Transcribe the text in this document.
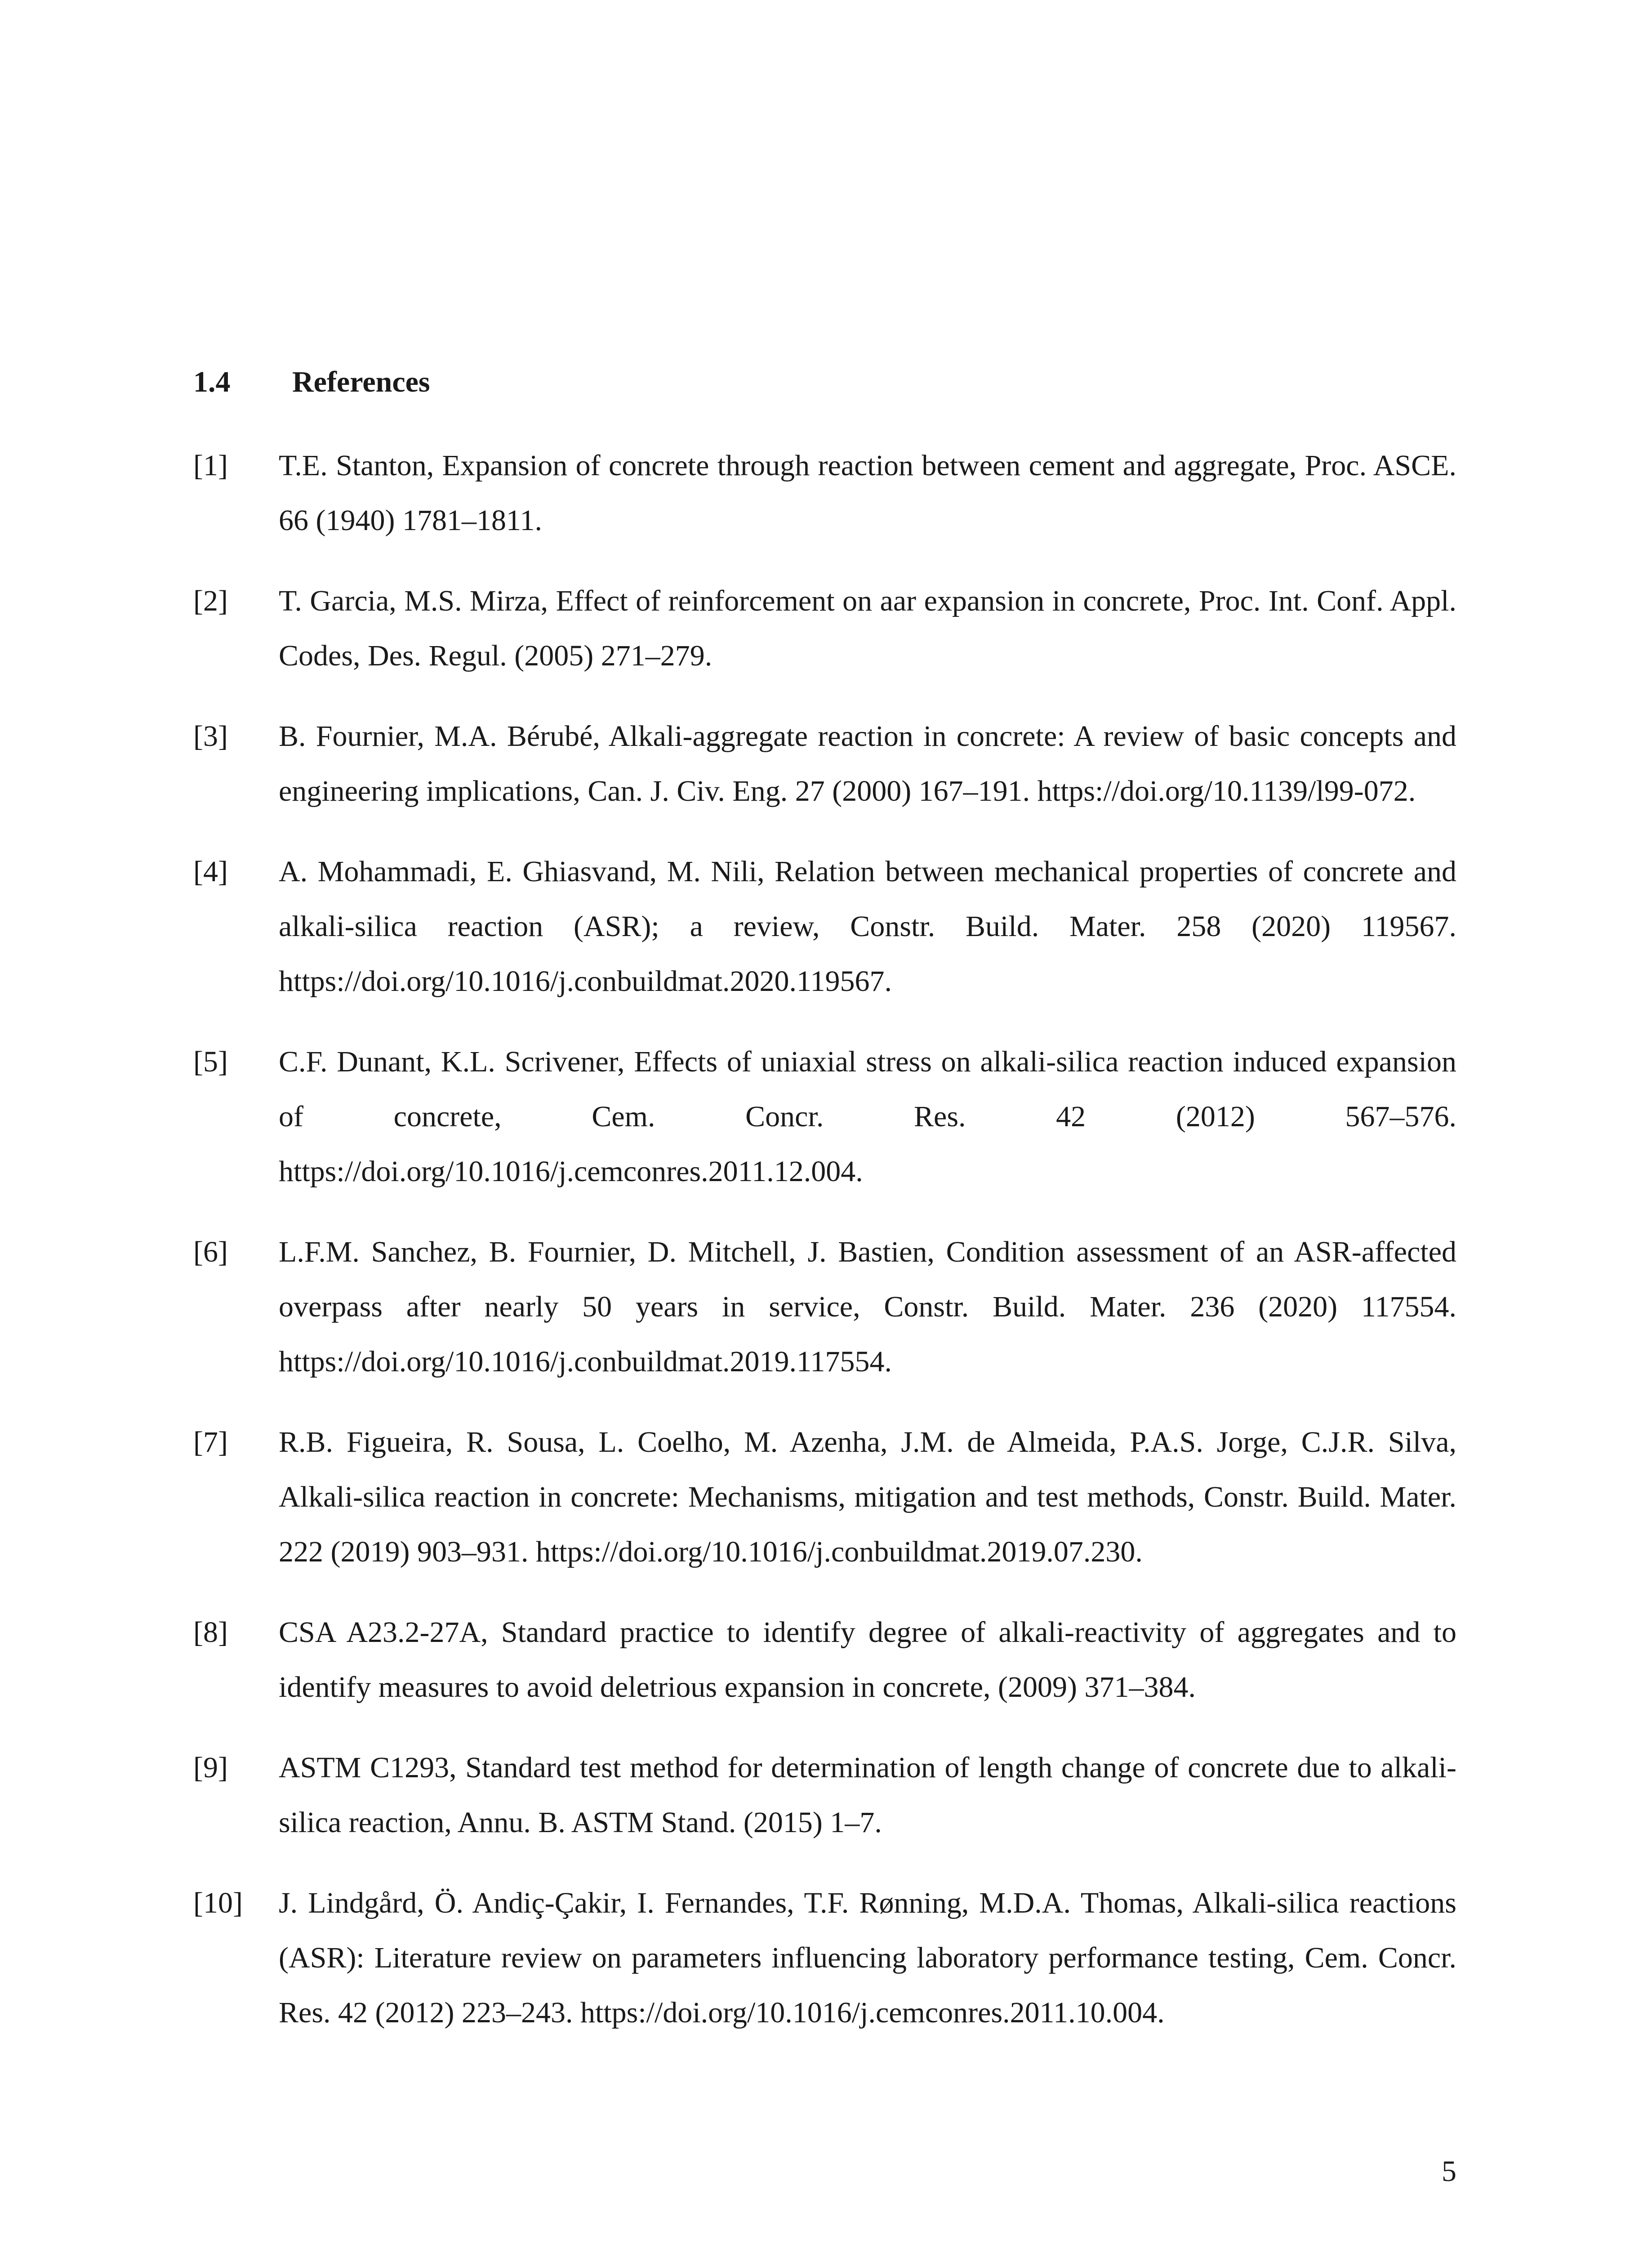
1.4 References
[1] T.E. Stanton, Expansion of concrete through reaction between cement and aggregate, Proc. ASCE. 66 (1940) 1781–1811.
[2] T. Garcia, M.S. Mirza, Effect of reinforcement on aar expansion in concrete, Proc. Int. Conf. Appl. Codes, Des. Regul. (2005) 271–279.
[3] B. Fournier, M.A. Bérubé, Alkali-aggregate reaction in concrete: A review of basic concepts and engineering implications, Can. J. Civ. Eng. 27 (2000) 167–191. https://doi.org/10.1139/l99-072.
[4] A. Mohammadi, E. Ghiasvand, M. Nili, Relation between mechanical properties of concrete and alkali-silica reaction (ASR); a review, Constr. Build. Mater. 258 (2020) 119567. https://doi.org/10.1016/j.conbuildmat.2020.119567.
[5] C.F. Dunant, K.L. Scrivener, Effects of uniaxial stress on alkali-silica reaction induced expansion of concrete, Cem. Concr. Res. 42 (2012) 567–576. https://doi.org/10.1016/j.cemconres.2011.12.004.
[6] L.F.M. Sanchez, B. Fournier, D. Mitchell, J. Bastien, Condition assessment of an ASR-affected overpass after nearly 50 years in service, Constr. Build. Mater. 236 (2020) 117554. https://doi.org/10.1016/j.conbuildmat.2019.117554.
[7] R.B. Figueira, R. Sousa, L. Coelho, M. Azenha, J.M. de Almeida, P.A.S. Jorge, C.J.R. Silva, Alkali-silica reaction in concrete: Mechanisms, mitigation and test methods, Constr. Build. Mater. 222 (2019) 903–931. https://doi.org/10.1016/j.conbuildmat.2019.07.230.
[8] CSA A23.2-27A, Standard practice to identify degree of alkali-reactivity of aggregates and to identify measures to avoid deletrious expansion in concrete, (2009) 371–384.
[9] ASTM C1293, Standard test method for determination of length change of concrete due to alkali-silica reaction, Annu. B. ASTM Stand. (2015) 1–7.
[10] J. Lindgård, Ö. Andiç-Çakir, I. Fernandes, T.F. Rønning, M.D.A. Thomas, Alkali-silica reactions (ASR): Literature review on parameters influencing laboratory performance testing, Cem. Concr. Res. 42 (2012) 223–243. https://doi.org/10.1016/j.cemconres.2011.10.004.
5
